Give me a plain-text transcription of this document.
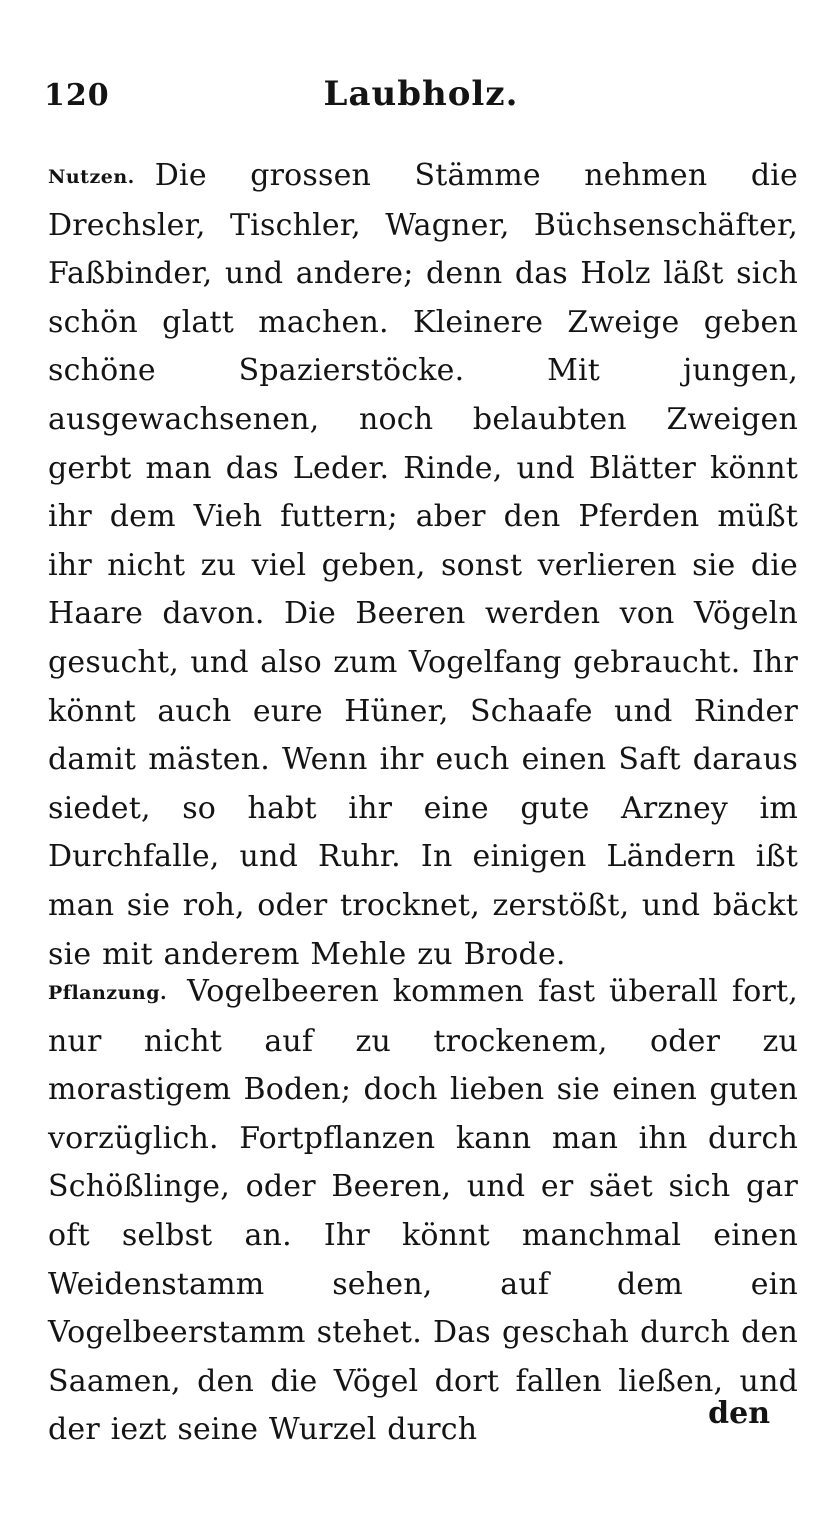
120	Laubholz.
Nutzen. Die grossen Stämme nehmen die Drechsler, Tischler, Wagner, Büchsenschäfter, Faßbinder, und andere; denn das Holz läßt sich schön glatt machen. Kleinere Zweige geben schöne Spazierstöcke. Mit jungen, ausgewachsenen, noch belaubten Zweigen gerbt man das Leder. Rinde, und Blätter könnt ihr dem Vieh futtern; aber den Pferden müßt ihr nicht zu viel geben, sonst verlieren sie die Haare davon. Die Beeren werden von Vögeln gesucht, und also zum Vogelfang gebraucht. Ihr könnt auch eure Hüner, Schaafe und Rinder damit mästen. Wenn ihr euch einen Saft daraus siedet, so habt ihr eine gute Arzney im Durchfalle, und Ruhr. In einigen Ländern ißt man sie roh, oder trocknet, zerstößt, und bäckt sie mit anderem Mehle zu Brode.
Pflanzung. Vogelbeeren kommen fast überall fort, nur nicht auf zu trockenem, oder zu morastigem Boden; doch lieben sie einen guten vorzüglich. Fortpflanzen kann man ihn durch Schößlinge, oder Beeren, und er säet sich gar oft selbst an. Ihr könnt manchmal einen Weidenstamm sehen, auf dem ein Vogelbeerstamm stehet. Das geschah durch den Saamen, den die Vögel dort fallen ließen, und der iezt seine Wurzel durch	den
